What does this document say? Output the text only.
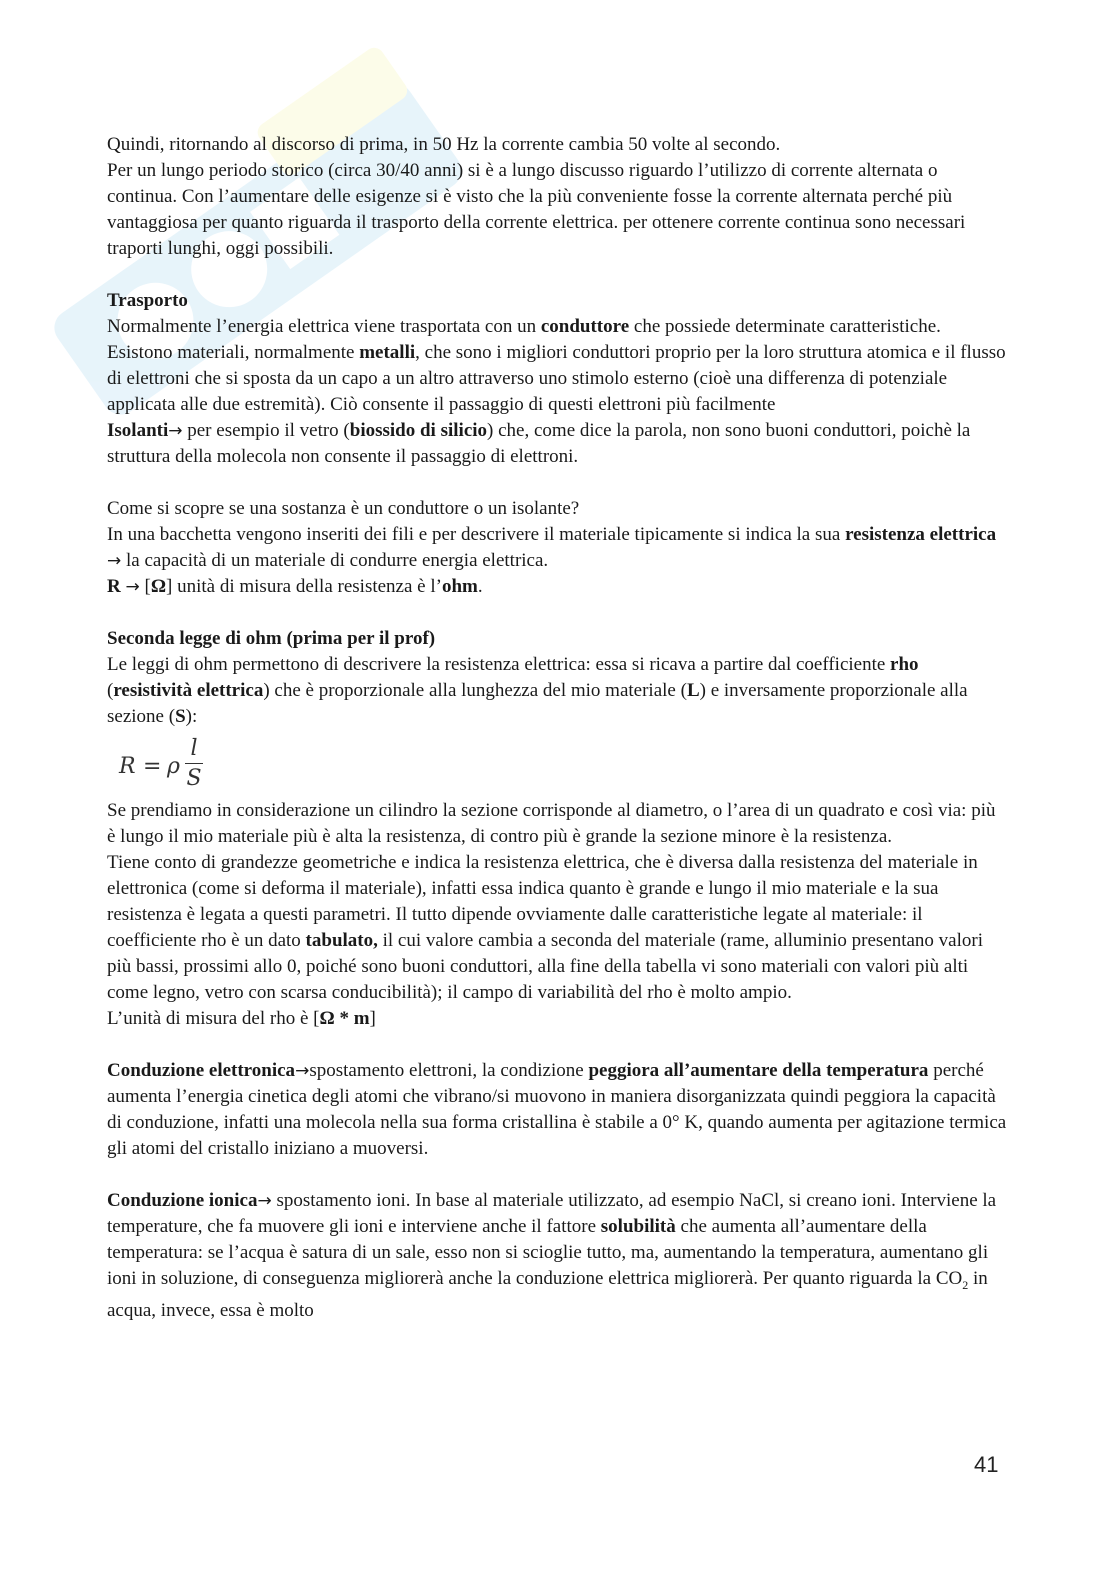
Quindi, ritornando al discorso di prima, in 50 Hz la corrente cambia 50 volte al secondo.

Per un lungo periodo storico (circa 30/40 anni) si è a lungo discusso riguardo l’utilizzo di corrente alternata o continua. Con l’aumentare delle esigenze si è visto che la più conveniente fosse la corrente alternata perché più vantaggiosa per quanto riguarda il trasporto della corrente elettrica. per ottenere corrente continua sono necessari traporti lunghi, oggi possibili.

Trasporto

Normalmente l’energia elettrica viene trasportata con un conduttore che possiede determinate caratteristiche. Esistono materiali, normalmente metalli, che sono i migliori conduttori proprio per la loro struttura atomica e il flusso di elettroni che si sposta da un capo a un altro attraverso uno stimolo esterno (cioè una differenza di potenziale applicata alle due estremità). Ciò consente il passaggio di questi elettroni più facilmente

Isolanti→ per esempio il vetro (biossido di silicio) che, come dice la parola, non sono buoni conduttori, poichè la struttura della molecola non consente il passaggio di elettroni.

Come si scopre se una sostanza è un conduttore o un isolante?

In una bacchetta vengono inseriti dei fili e per descrivere il materiale tipicamente si indica la sua resistenza elettrica → la capacità di un materiale di condurre energia elettrica.

R → [Ω] unità di misura della resistenza è l’ohm.

Seconda legge di ohm (prima per il prof)

Le leggi di ohm permettono di descrivere la resistenza elettrica: essa si ricava a partire dal coefficiente rho (resistività elettrica) che è proporzionale alla lunghezza del mio materiale (L) e inversamente proporzionale alla sezione (S):

R = ρ
l
S

Se prendiamo in considerazione un cilindro la sezione corrisponde al diametro, o l’area di un quadrato e così via: più è lungo il mio materiale più è alta la resistenza, di contro più è grande la sezione minore è la resistenza.

Tiene conto di grandezze geometriche e indica la resistenza elettrica, che è diversa dalla resistenza del materiale in elettronica (come si deforma il materiale), infatti essa indica quanto è grande e lungo il mio materiale e la sua resistenza è legata a questi parametri. Il tutto dipende ovviamente dalle caratteristiche legate al materiale: il coefficiente rho è un dato tabulato, il cui valore cambia a seconda del materiale (rame, alluminio presentano valori più bassi, prossimi allo 0, poiché sono buoni conduttori, alla fine della tabella vi sono materiali con valori più alti come legno, vetro con scarsa conducibilità); il campo di variabilità del rho è molto ampio.

L’unità di misura del rho è [Ω * m]

Conduzione elettronica→spostamento elettroni, la condizione peggiora all’aumentare della temperatura perché aumenta l’energia cinetica degli atomi che vibrano/si muovono in maniera disorganizzata quindi peggiora la capacità di conduzione, infatti una molecola nella sua forma cristallina è stabile a 0° K, quando aumenta per agitazione termica gli atomi del cristallo iniziano a muoversi.

Conduzione ionica→ spostamento ioni. In base al materiale utilizzato, ad esempio NaCl, si creano ioni. Interviene la temperature, che fa muovere gli ioni e interviene anche il fattore solubilità che aumenta all’aumentare della temperatura: se l’acqua è satura di un sale, esso non si scioglie tutto, ma, aumentando la temperatura, aumentano gli ioni in soluzione, di conseguenza migliorerà anche la conduzione elettrica migliorerà. Per quanto riguarda la $CO_2$ in acqua, invece, essa è molto

41
